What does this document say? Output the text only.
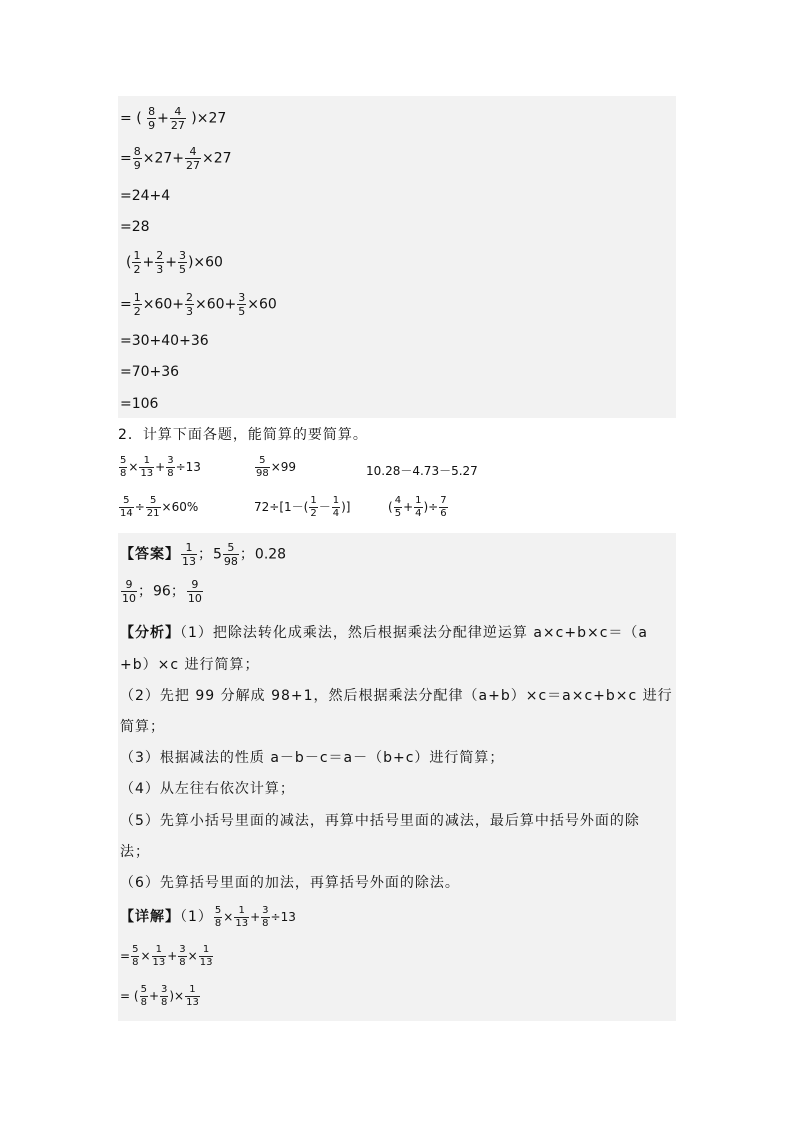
= ( $\frac{8}{9} + \frac{4}{27} )\times 27$
= $\frac{8}{9} \times 27+ \frac{4}{27} \times 27$
=24+4
=28
( $\frac{1}{2} + \frac{2}{3} + \frac{3}{5} )\times 60$
= $\frac{1}{2} \times 60+ \frac{2}{3} \times 60+ \frac{3}{5} \times 60$
=30+40+36
=70+36
=106
2．计算下面各题，能简算的要简算。
$\frac{5}{8} \times \frac{1}{13} + \frac{3}{8} \div 13$	$\frac{5}{98} \times 99$	10.28－4.73－5.27
$\frac{5}{14} \div \frac{5}{21} \times 60\%$	$72\div[1-( \frac{1}{2} - \frac{1}{4}$ )]	( $\frac{4}{5} + \frac{1}{4}$ )÷ $\frac{7}{6}$
【答案】 $\frac{1}{13}$ ；$5 \frac{5}{98}$ ；0.28
$\frac{9}{10}$ ；96； $\frac{9}{10}$
【分析】（1）把除法转化成乘法，然后根据乘法分配律逆运算 a×c+b×c＝（a
+b）×c 进行简算；
（2）先把 99 分解成 98+1，然后根据乘法分配律（a+b）×c＝a×c+b×c 进行
简算；
（3）根据减法的性质 a－b－c＝a－（b+c）进行简算；
（4）从左往右依次计算；
（5）先算小括号里面的减法，再算中括号里面的减法，最后算中括号外面的除
法；
（6）先算括号里面的加法，再算括号外面的除法。
【详解】$(1) \frac{5}{8} \times \frac{1}{13} + \frac{3}{8} \div 13$
= $\frac{5}{8} \times \frac{1}{13} + \frac{3}{8} \times \frac{1}{13}$
= ( $\frac{5}{8} + \frac{3}{8}$ )× $\frac{1}{13}$
